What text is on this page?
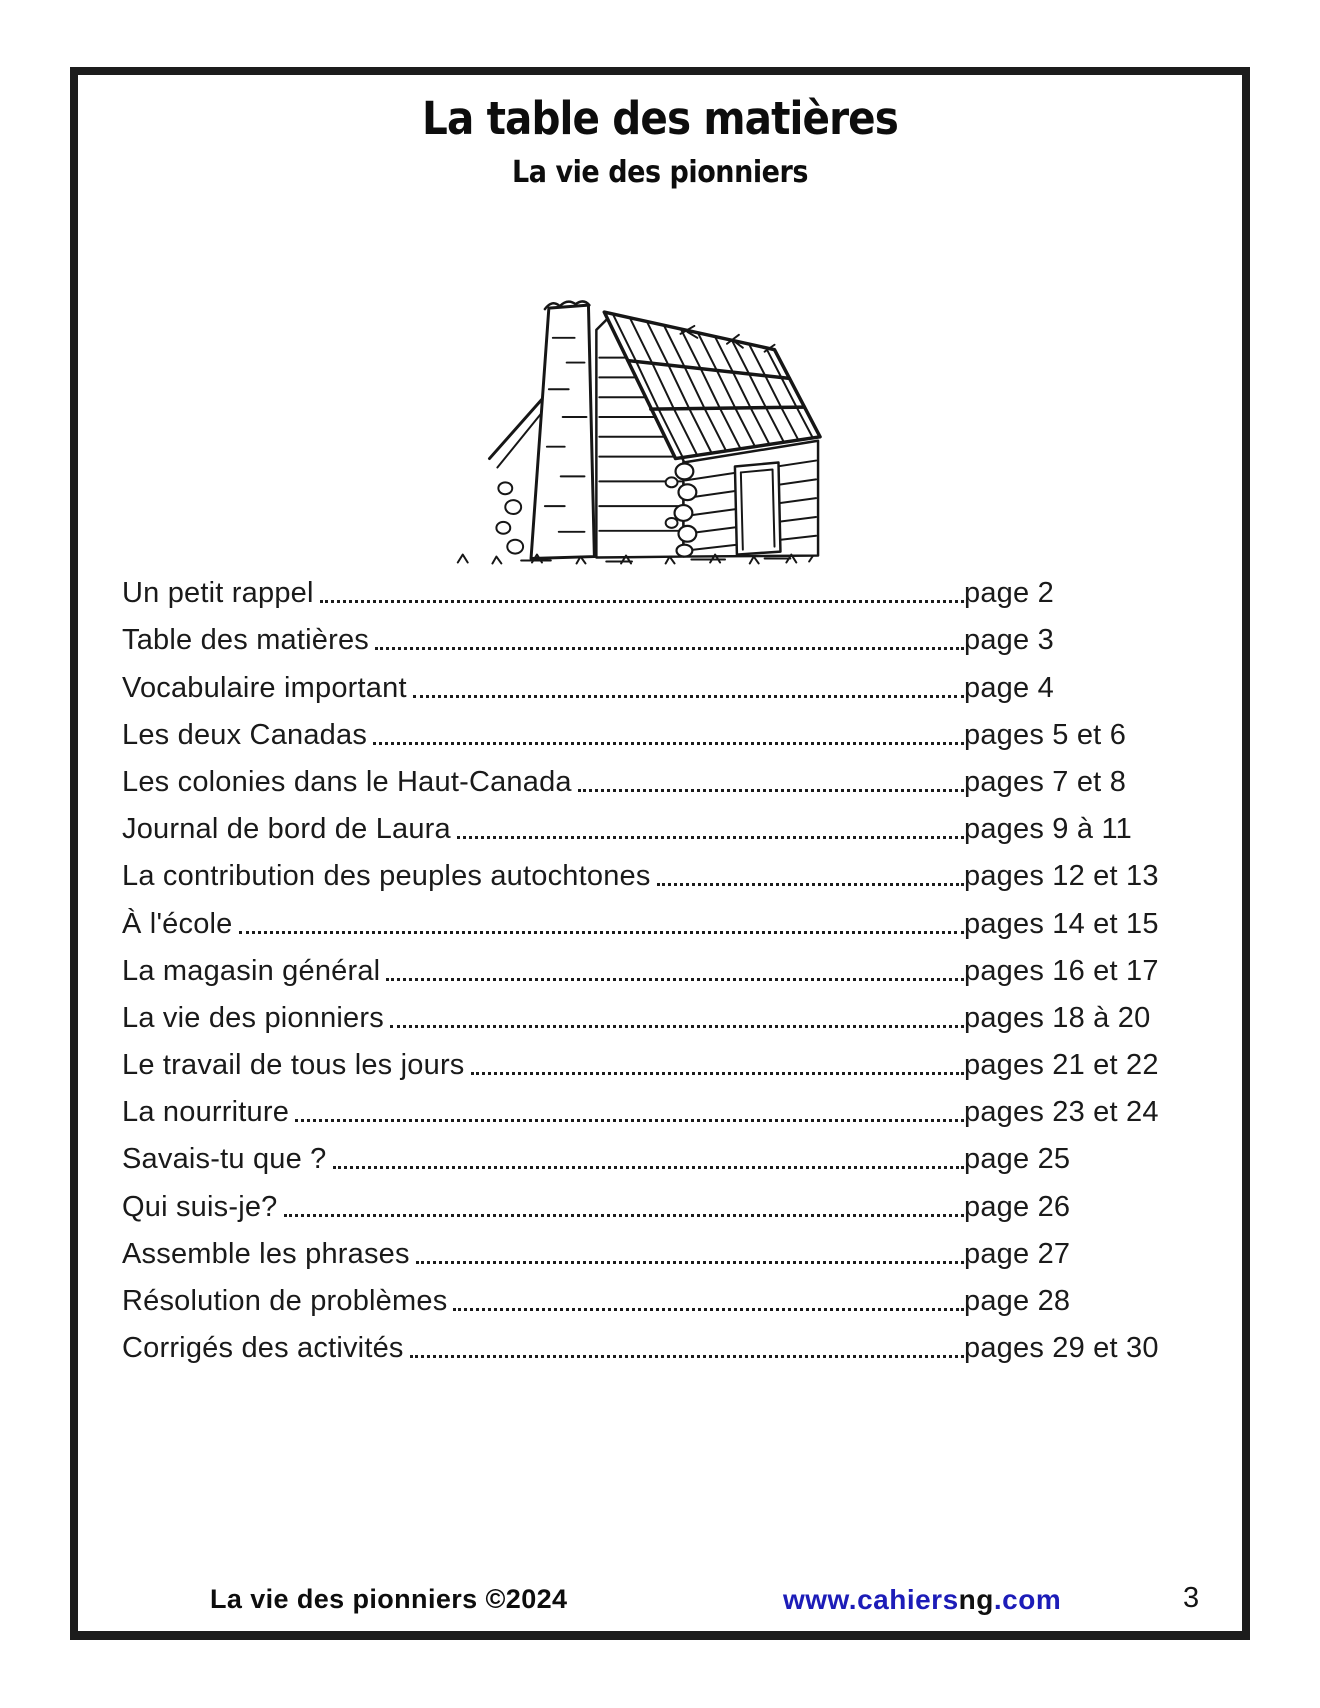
La table des matières
La vie des pionniers
Un petit rappel	page 2
Table des matières	page 3
Vocabulaire important	page 4
Les deux Canadas	pages 5 et 6
Les colonies dans le Haut-Canada	pages 7 et 8
Journal de bord de Laura	pages 9 à 11
La contribution des peuples autochtones	pages 12 et 13
À l'école	pages 14 et 15
La magasin général	pages 16 et 17
La vie des pionniers	pages 18 à 20
Le travail de tous les jours	pages 21 et 22
La nourriture	pages 23 et 24
Savais-tu que ?	page 25
Qui suis-je?	page 26
Assemble les phrases	page 27
Résolution de problèmes	page 28
Corrigés des activités	pages 29 et 30
La vie des pionniers ©2024	www.cahiersng.com	3
